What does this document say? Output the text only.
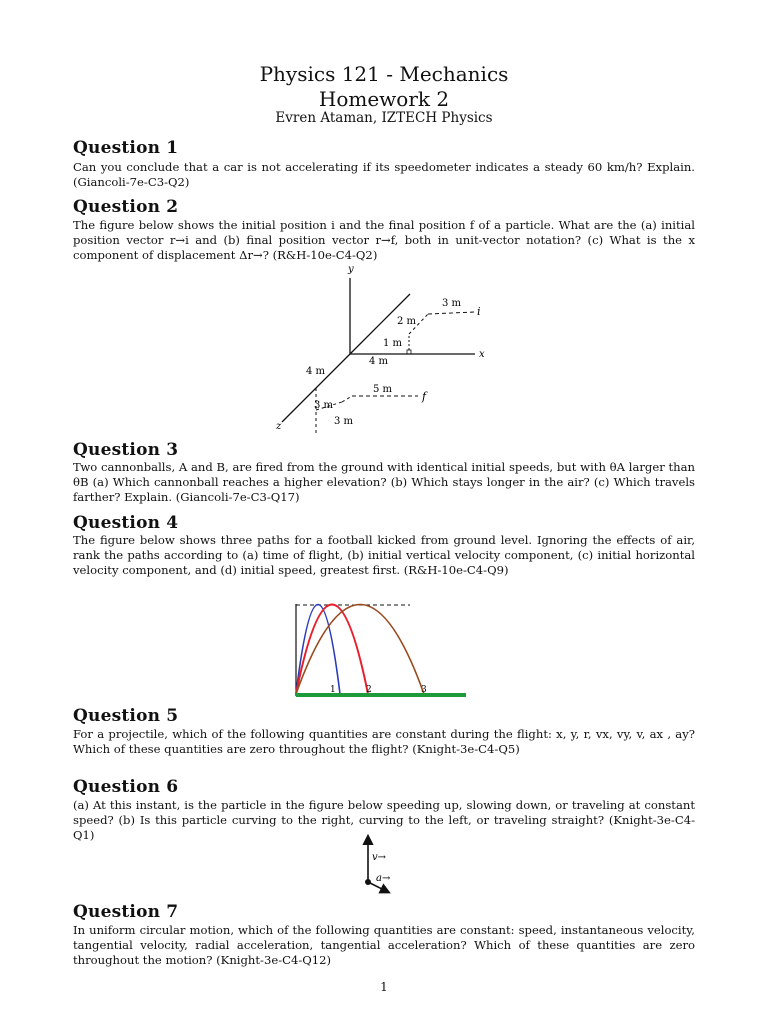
Physics 121 - Mechanics
Homework 2
Evren Ataman, IZTECH Physics
Question 1

Can you conclude that a car is not accelerating if its speedometer indicates a steady 60 km/h? Explain.(Giancoli-7e-C3-Q2)

Question 2

The figure below shows the initial position i and the final position f of a particle. What are the (a) initial position vector r→i and (b) final position vector r→f, both in unit-vector notation? (c) What is the x component of displacement Δr→? (R&H-10e-C4-Q2)

y
x
z
i
3 m
2 m
1 m
4 m
4 m
f
5 m
3 m
3 m
Question 3

Two cannonballs, A and B, are fired from the ground with identical initial speeds, but with θA larger than θB (a) Which cannonball reaches a higher elevation? (b) Which stays longer in the air? (c) Which travels farther? Explain. (Giancoli-7e-C3-Q17)

Question 4

The figure below shows three paths for a football kicked from ground level. Ignoring the effects of air, rank the paths according to (a) time of flight, (b) initial vertical velocity component, (c) initial horizontal velocity component, and (d) initial speed, greatest first. (R&H-10e-C4-Q9)

1	2	3
Question 5

For a projectile, which of the following quantities are constant during the flight: x, y, r, vx, vy, v, ax , ay? Which of these quantities are zero throughout the flight? (Knight-3e-C4-Q5)

Question 6

(a) At this instant, is the particle in the figure below speeding up, slowing down, or traveling at constant speed? (b) Is this particle curving to the right, curving to the left, or traveling straight? (Knight-3e-C4-Q1)

v→
a→
Question 7

In uniform circular motion, which of the following quantities are constant: speed, instantaneous velocity, tangential velocity, radial acceleration, tangential acceleration? Which of these quantities are zero throughout the motion? (Knight-3e-C4-Q12)

1
